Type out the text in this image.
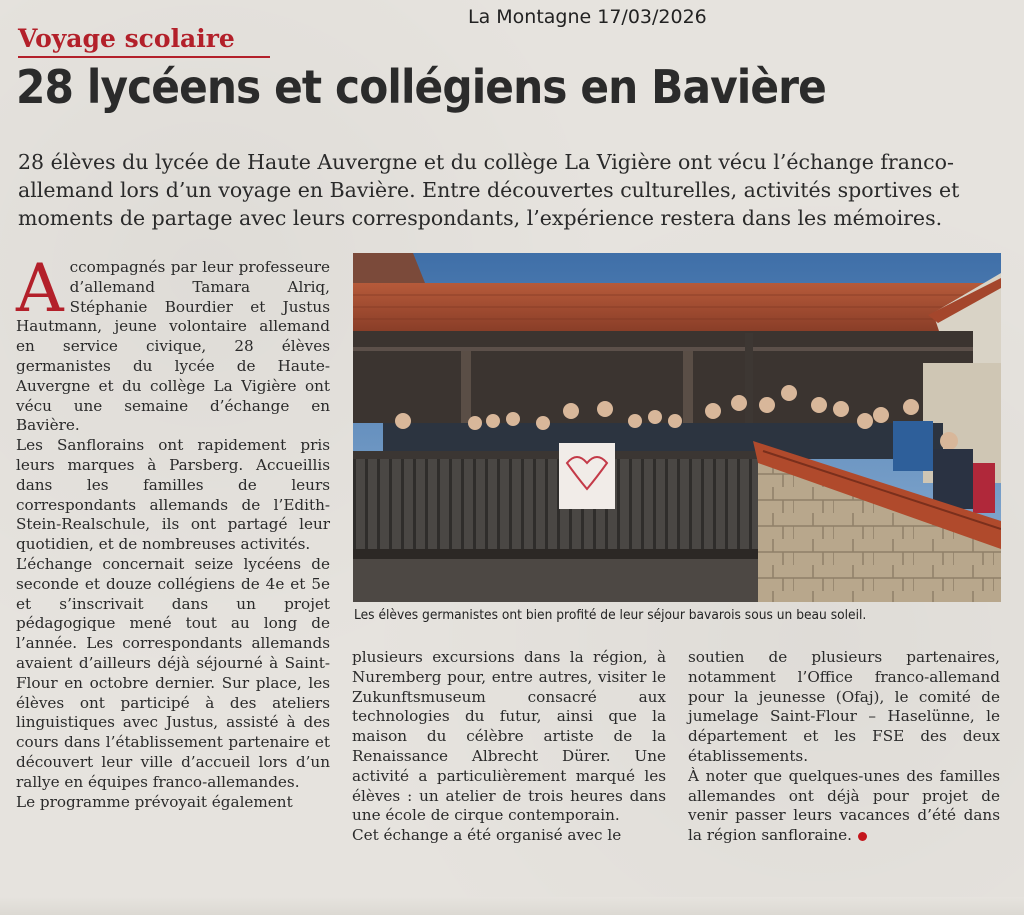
La Montagne 17/03/2026
Voyage scolaire
28 lycéens et collégiens en Bavière
28 élèves du lycée de Haute Auvergne et du collège La Vigière ont vécu l’échange franco-allemand lors d’un voyage en Bavière. Entre découvertes culturelles, activités sportives et moments de partage avec leurs correspondants, l’expérience restera dans les mémoires.
Les élèves germanistes ont bien profité de leur séjour bavarois sous un beau soleil.

Accompagnés par leur professeure d’allemand Tamara Alriq, Stéphanie Bourdier et Justus Hautmann, jeune volontaire allemand en service civique, 28 élèves germanistes du lycée de Haute-Auvergne et du collège La Vigière ont vécu une semaine d’échange en Bavière.

Les Sanflorains ont rapidement pris leurs marques à Parsberg. Accueillis dans les familles de leurs correspondants allemands de l’Edith-Stein-Realschule, ils ont partagé leur quotidien, et de nombreuses activités.

L’échange concernait seize lycéens de seconde et douze collégiens de 4e et 5e et s’inscrivait dans un projet pédagogique mené tout au long de l’année. Les correspondants allemands avaient d’ailleurs déjà séjourné à Saint-Flour en octobre dernier. Sur place, les élèves ont participé à des ateliers linguistiques avec Justus, assisté à des cours dans l’établissement partenaire et découvert leur ville d’accueil lors d’un rallye en équipes franco-allemandes.

Le programme prévoyait également

plusieurs excursions dans la région, à Nuremberg pour, entre autres, visiter le Zukunftsmuseum consacré aux technologies du futur, ainsi que la maison du célèbre artiste de la Renaissance Albrecht Dürer. Une activité a particulièrement marqué les élèves : un atelier de trois heures dans une école de cirque contemporain.

Cet échange a été organisé avec le

soutien de plusieurs partenaires, notamment l’Office franco-allemand pour la jeunesse (Ofaj), le comité de jumelage Saint-Flour – Haselünne, le département et les FSE des deux établissements.

À noter que quelques-unes des familles allemandes ont déjà pour projet de venir passer leurs vacances d’été dans la région sanfloraine.
